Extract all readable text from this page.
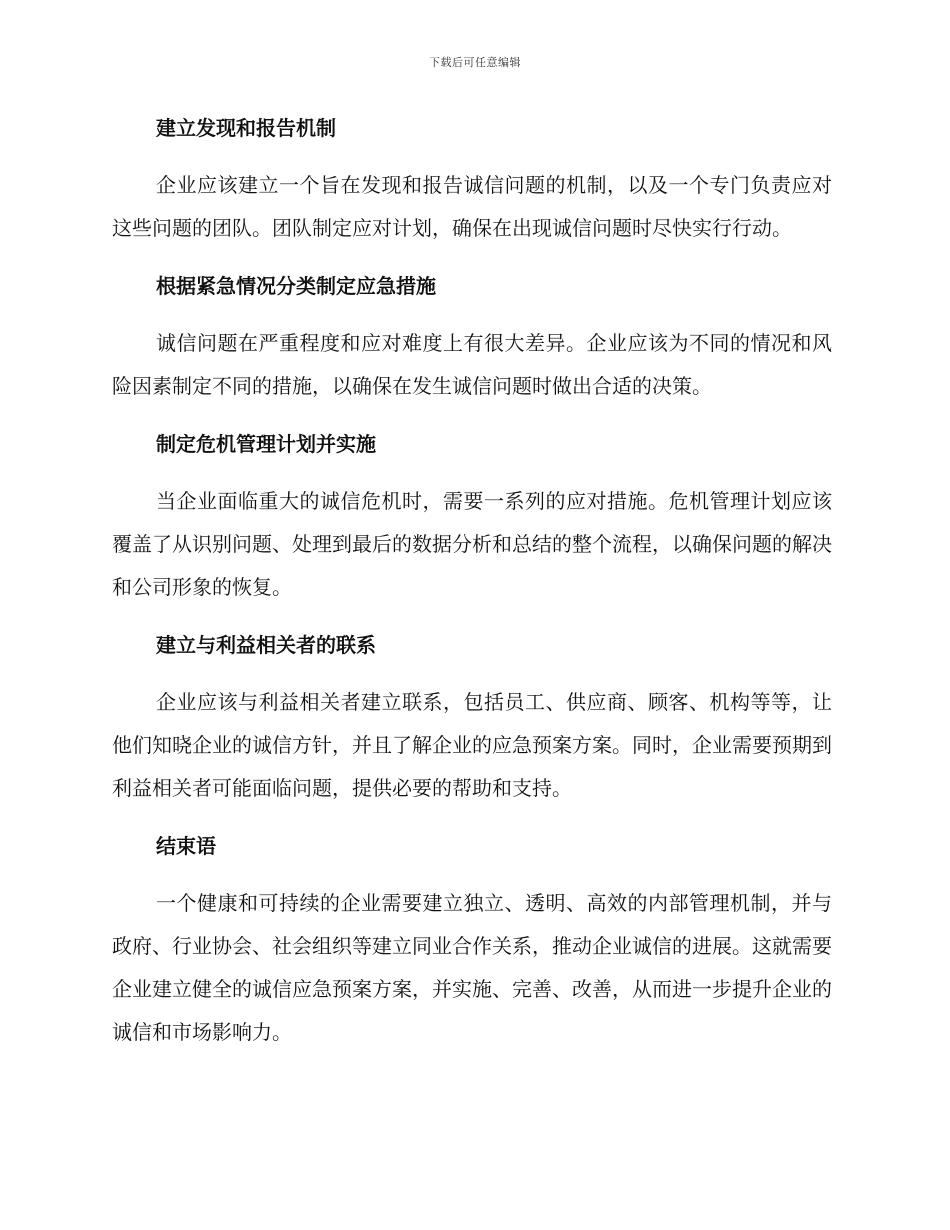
下载后可任意编辑
建立发现和报告机制

企业应该建立一个旨在发现和报告诚信问题的机制，以及一个专门负责应对这些问题的团队。团队制定应对计划，确保在出现诚信问题时尽快实行行动。

根据紧急情况分类制定应急措施

诚信问题在严重程度和应对难度上有很大差异。企业应该为不同的情况和风险因素制定不同的措施，以确保在发生诚信问题时做出合适的决策。

制定危机管理计划并实施

当企业面临重大的诚信危机时，需要一系列的应对措施。危机管理计划应该覆盖了从识别问题、处理到最后的数据分析和总结的整个流程，以确保问题的解决和公司形象的恢复。

建立与利益相关者的联系

企业应该与利益相关者建立联系，包括员工、供应商、顾客、机构等等，让他们知晓企业的诚信方针，并且了解企业的应急预案方案。同时，企业需要预期到利益相关者可能面临问题，提供必要的帮助和支持。

结束语

一个健康和可持续的企业需要建立独立、透明、高效的内部管理机制，并与政府、行业协会、社会组织等建立同业合作关系，推动企业诚信的进展。这就需要企业建立健全的诚信应急预案方案，并实施、完善、改善，从而进一步提升企业的诚信和市场影响力。
